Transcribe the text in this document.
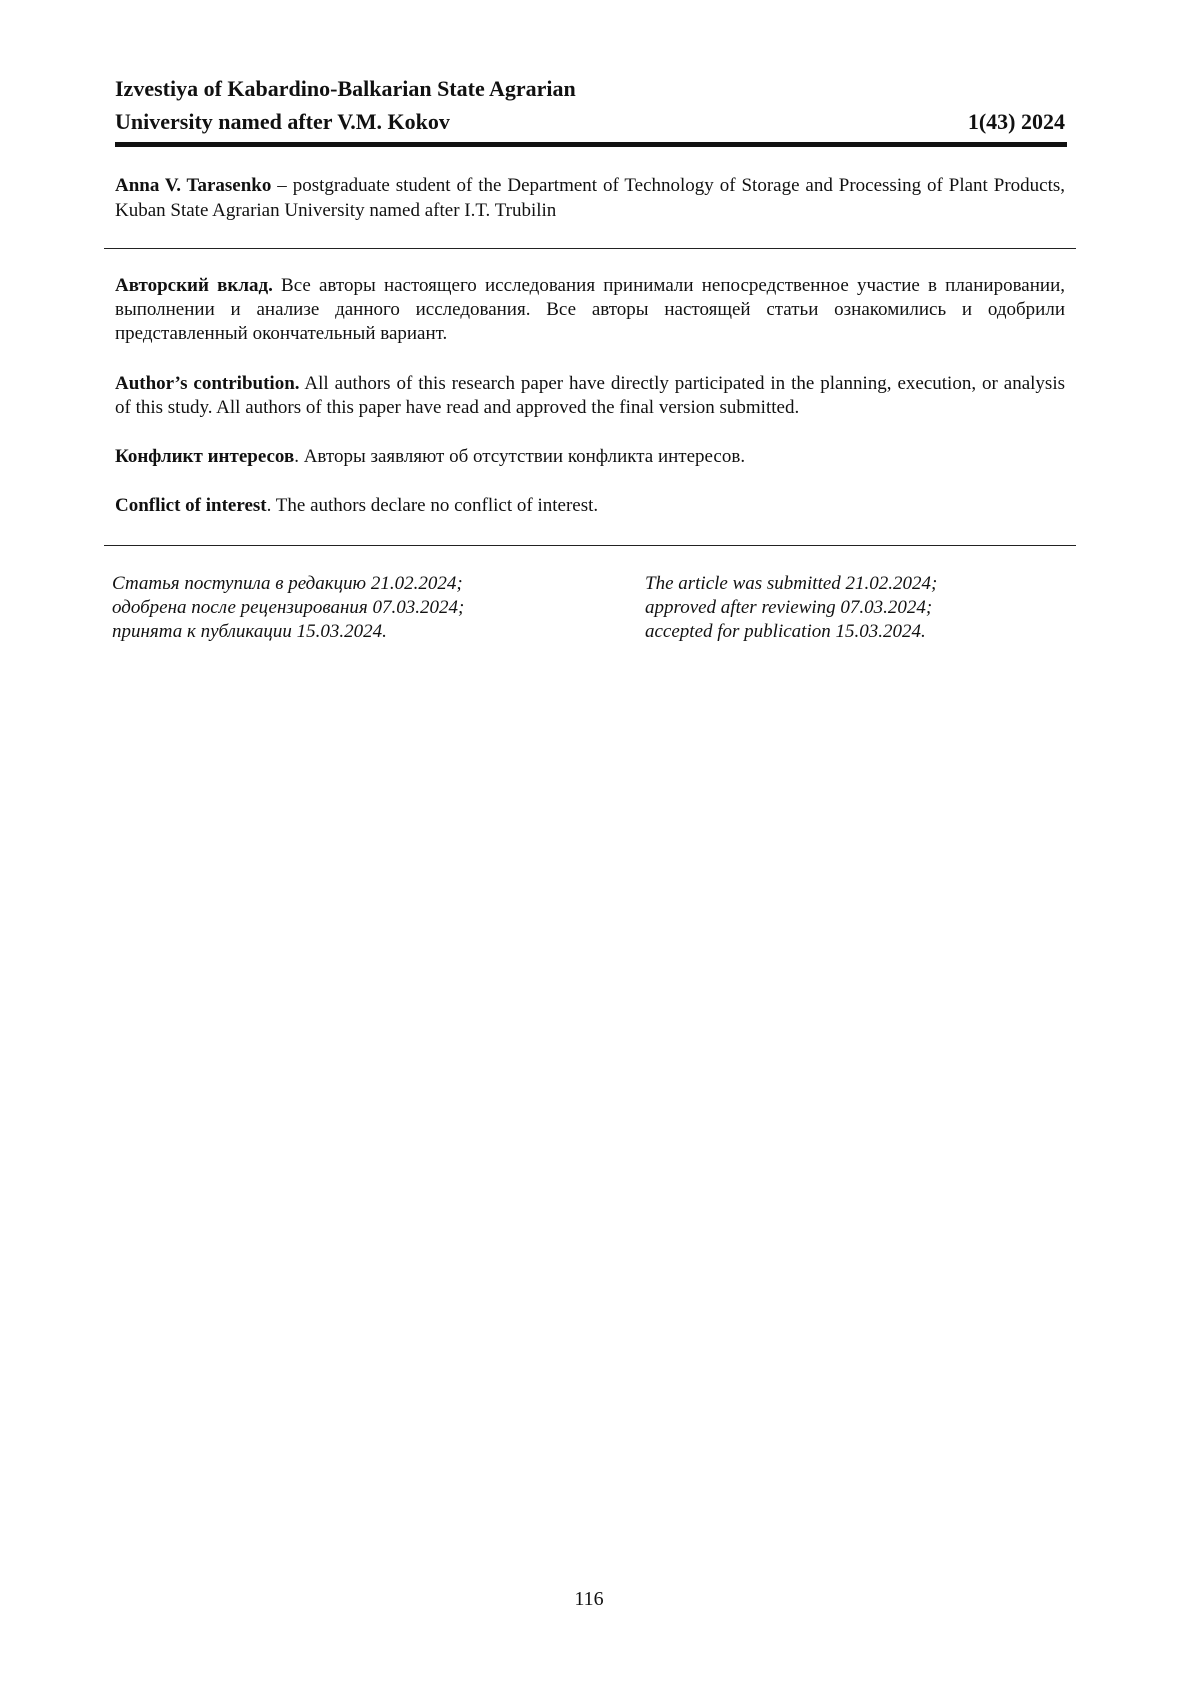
Izvestiya of Kabardino-Balkarian State Agrarian
University named after V.M. Kokov	1(43) 2024
Anna V. Tarasenko – postgraduate student of the Department of Technology of Storage and Processing of Plant Products, Kuban State Agrarian University named after I.T. Trubilin
Авторский вклад. Все авторы настоящего исследования принимали непосредственное участие в планировании, выполнении и анализе данного исследования. Все авторы настоящей статьи ознакомились и одобрили представленный окончательный вариант.
Author’s contribution. All authors of this research paper have directly participated in the planning, execution, or analysis of this study. All authors of this paper have read and approved the final version submitted.
Конфликт интересов. Авторы заявляют об отсутствии конфликта интересов.
Conflict of interest. The authors declare no conflict of interest.
Статья поступила в редакцию 21.02.2024;
одобрена после рецензирования 07.03.2024;
принята к публикации 15.03.2024.
The article was submitted 21.02.2024;
approved after reviewing 07.03.2024;
accepted for publication 15.03.2024.
116
